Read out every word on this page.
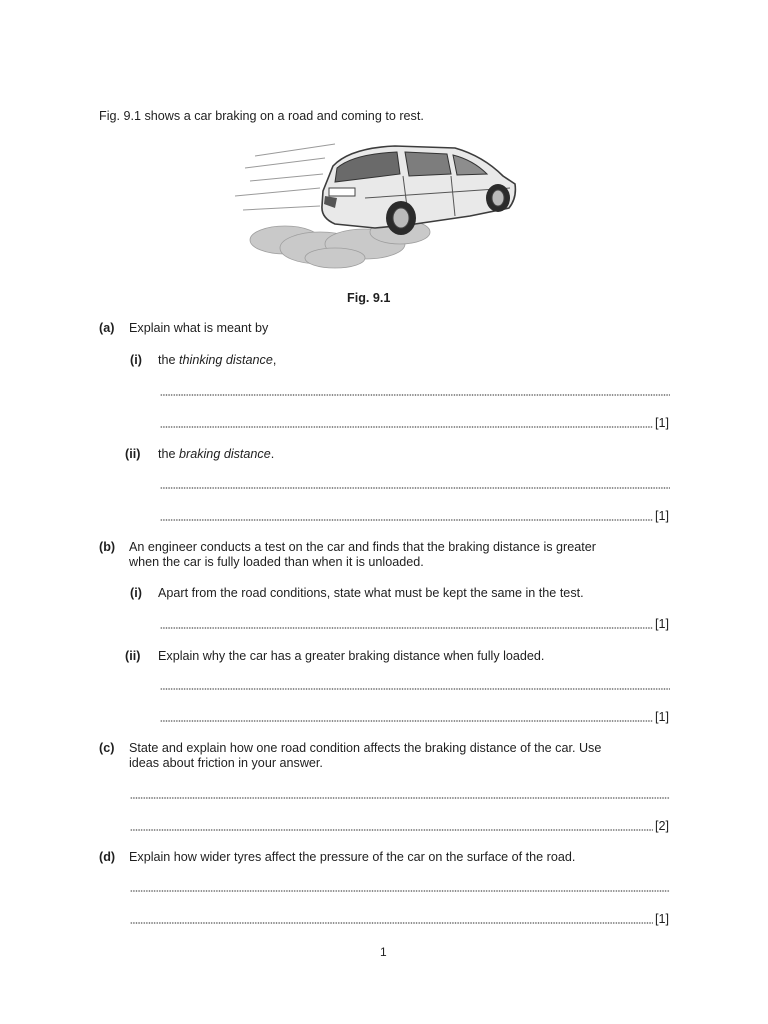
Fig. 9.1 shows a car braking on a road and coming to rest.
Fig. 9.1
(a) Explain what is meant by
(i) the thinking distance,
[1]
(ii) the braking distance.
[1]
(b) An engineer conducts a test on the car and finds that the braking distance is greater
when the car is fully loaded than when it is unloaded.
(i) Apart from the road conditions, state what must be kept the same in the test.
[1]
(ii) Explain why the car has a greater braking distance when fully loaded.
[1]
(c) State and explain how one road condition affects the braking distance of the car. Use
ideas about friction in your answer.
[2]
(d) Explain how wider tyres affect the pressure of the car on the surface of the road.
[1]
1
